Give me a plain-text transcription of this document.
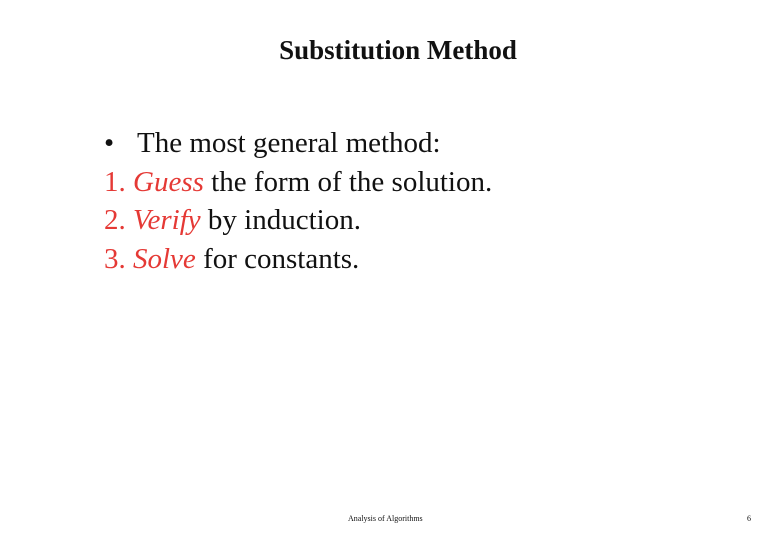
Substitution Method
• The most general method:
1. Guess the form of the solution.
2. Verify by induction.
3. Solve for constants.
Analysis of Algorithms	6
